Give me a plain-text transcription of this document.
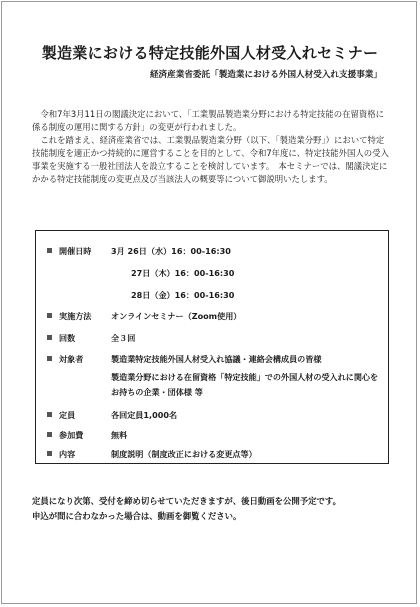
製造業における特定技能外国人材受入れセミナー
経済産業省委託「製造業における外国人材受入れ支援事業」

令和7年3月11日の閣議決定において、「工業製品製造業分野における特定技能の在留資格に係る制度の運用に関する方針」の変更が行われました。

これを踏まえ、経済産業省では、工業製品製造業分野（以下、「製造業分野」）において特定技能制度を適正かつ持続的に運営することを目的として、令和7年度に、特定技能外国人の受入事業を実施する一般社団法人を設立することを検討しています。　本セミナーでは、閣議決定にかかる特定技能制度の変更点及び当該法人の概要等について御説明いたします。

開催日時 3月 26日（水）16：00-16:30
27日（木）16：00-16:30
28日（金）16：00-16:30
実施方法 オンラインセミナー（Zoom使用）
回数	全３回
対象者	製造業特定技能外国人材受入れ協議・連絡会構成員の皆様
製造業分野における在留資格「特定技能」での外国人材の受入れに関心をお持ちの企業・団体様 等
定員	各回定員1,000名
参加費	無料
内容	制度説明（制度改正における変更点等）

定員になり次第、受付を締め切らせていただきますが、後日動画を公開予定です。

申込が間に合わなかった場合は、動画を御覧ください。
